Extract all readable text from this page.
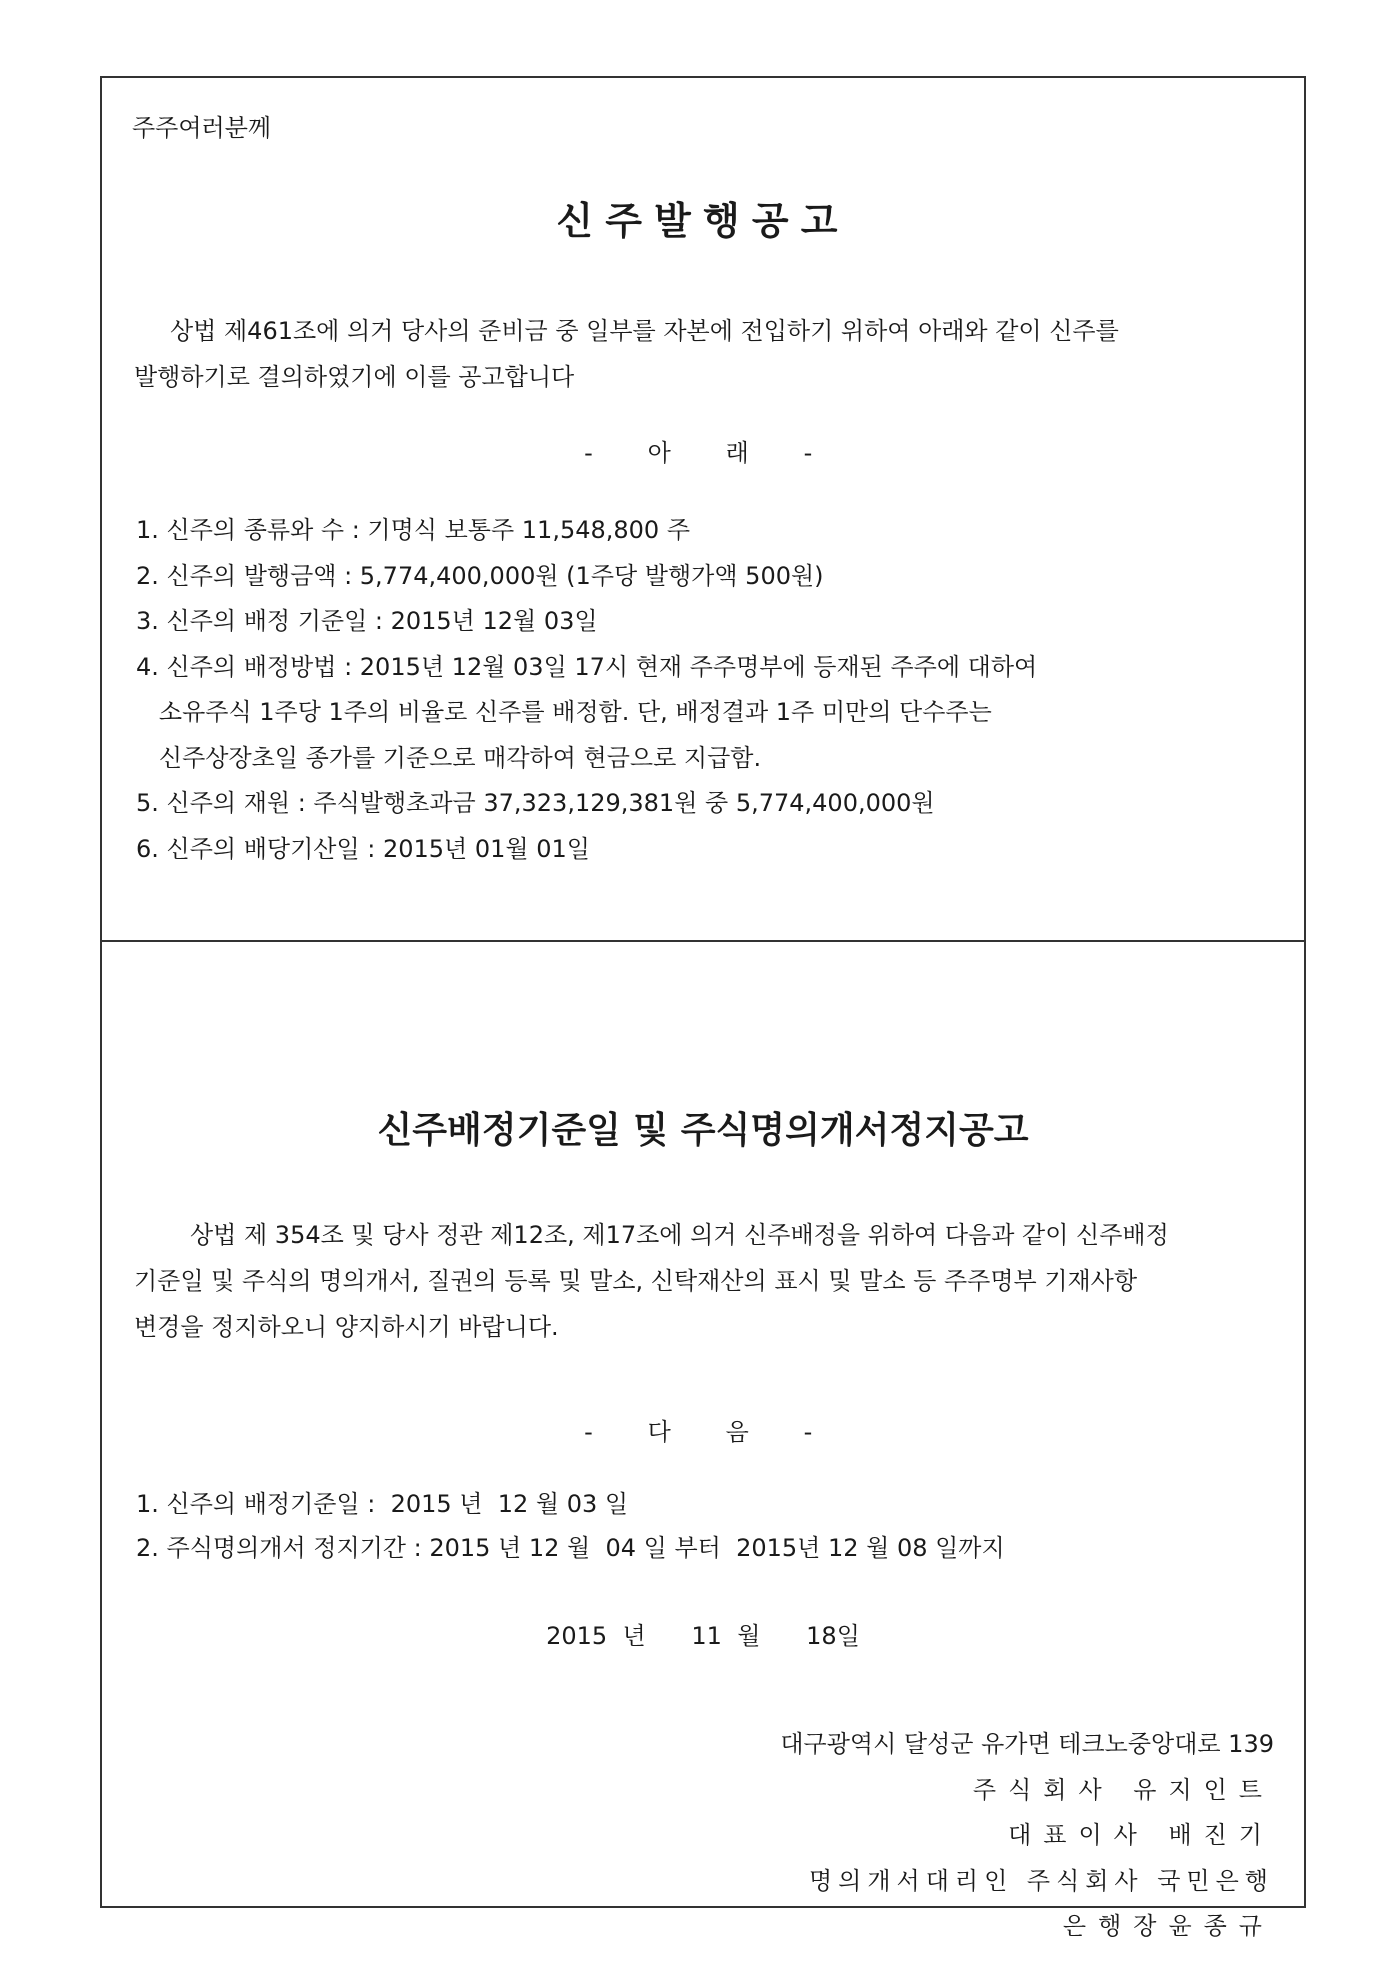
주주여러분께
신주발행공고

상법 제461조에 의거 당사의 준비금 중 일부를 자본에 전입하기 위하여 아래와 같이 신주를

발행하기로 결의하였기에 이를 공고합니다

- 아 래 -
1. 신주의 종류와 수 : 기명식 보통주 11,548,800 주
2. 신주의 발행금액 : 5,774,400,000원 (1주당 발행가액 500원)
3. 신주의 배정 기준일 : 2015년 12월 03일
4. 신주의 배정방법 : 2015년 12월 03일 17시 현재 주주명부에 등재된 주주에 대하여
소유주식 1주당 1주의 비율로 신주를 배정함. 단, 배정결과 1주 미만의 단수주는
신주상장초일 종가를 기준으로 매각하여 현금으로 지급함.
5. 신주의 재원 : 주식발행초과금 37,323,129,381원 중 5,774,400,000원
6. 신주의 배당기산일 : 2015년 01월 01일
신주배정기준일 및 주식명의개서정지공고

상법 제 354조 및 당사 정관 제12조, 제17조에 의거 신주배정을 위하여 다음과 같이 신주배정

기준일 및 주식의 명의개서, 질권의 등록 및 말소, 신탁재산의 표시 및 말소 등 주주명부 기재사항

변경을 정지하오니 양지하시기 바랍니다.

- 다 음 -
1. 신주의 배정기준일 :  2015 년  12 월 03 일
2. 주식명의개서 정지기간 : 2015 년 12 월  04 일 부터  2015년 12 월 08 일까지
2015  년      11  월      18일
대구광역시 달성군 유가면 테크노중앙대로 139
주식회사 유지인트
대표이사 배진기
명의개서대리인 주식회사 국민은행
은행장윤종규
